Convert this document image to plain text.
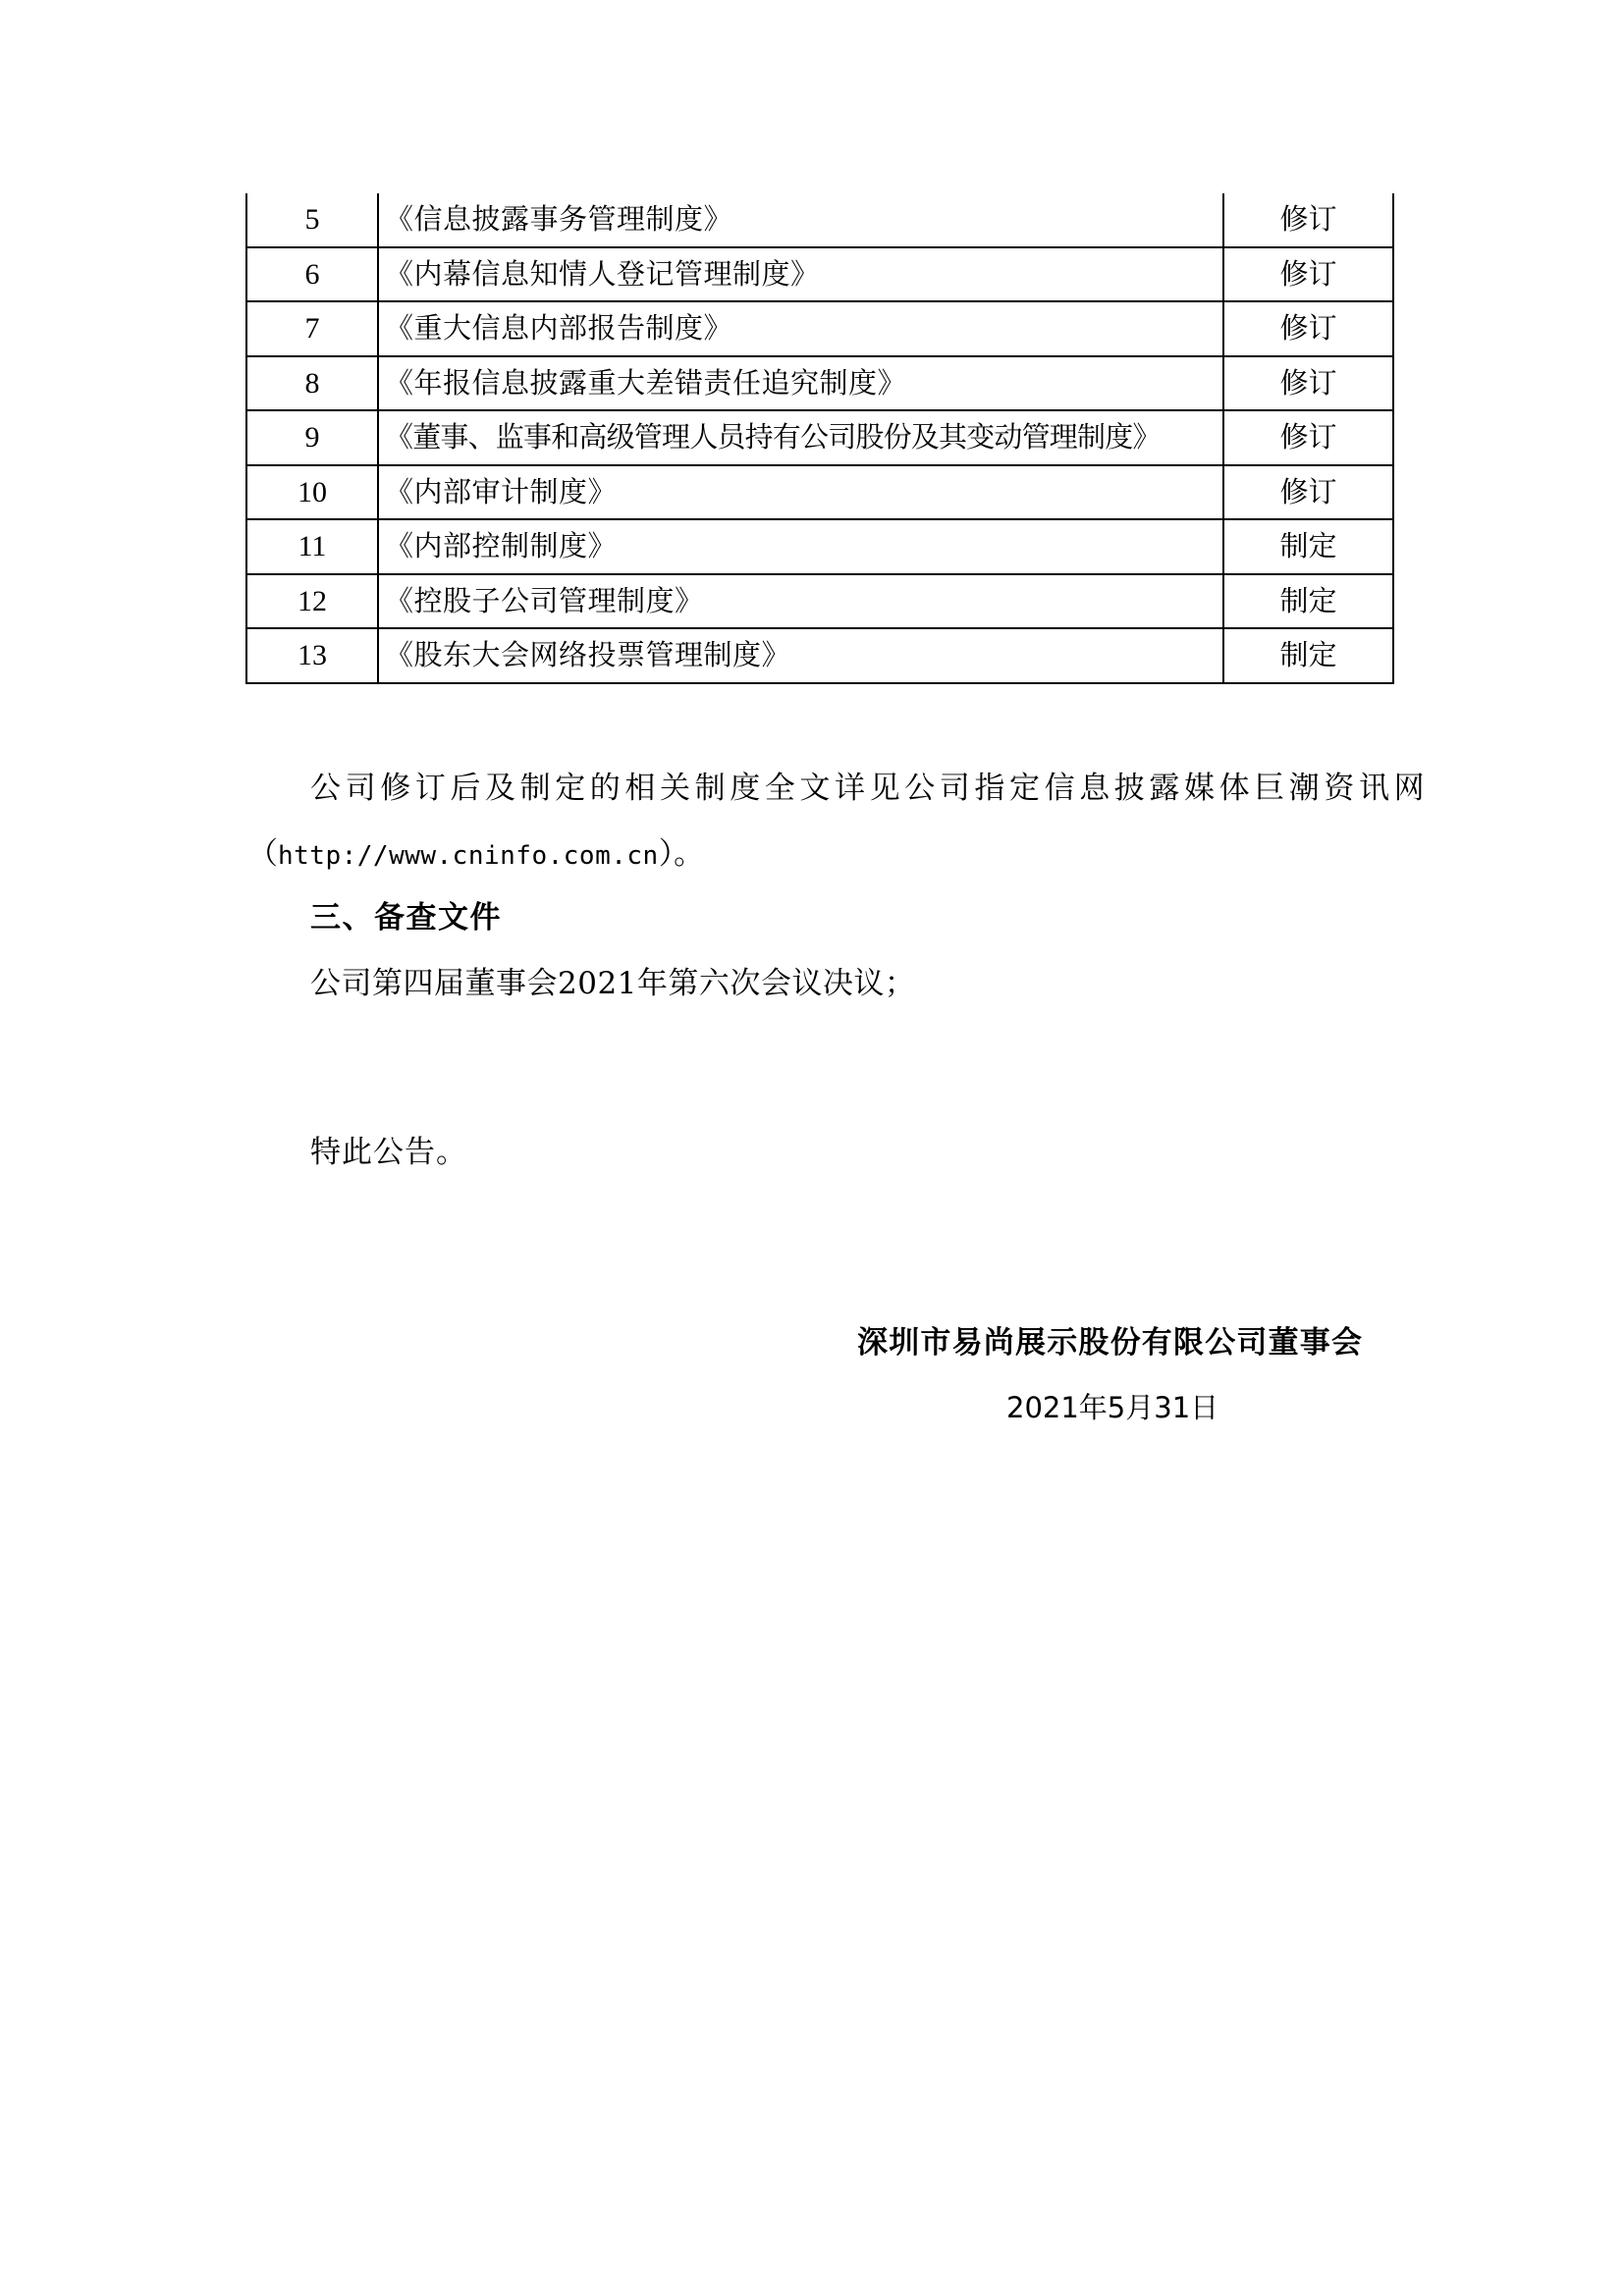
5	《信息披露事务管理制度》	修订
6	《内幕信息知情人登记管理制度》	修订
7	《重大信息内部报告制度》	修订
8	《年报信息披露重大差错责任追究制度》	修订
9	《董事、监事和高级管理人员持有公司股份及其变动管理制度》	修订
10	《内部审计制度》	修订
11	《内部控制制度》	制定
12	《控股子公司管理制度》	制定
13	《股东大会网络投票管理制度》	制定
公司修订后及制定的相关制度全文详见公司指定信息披露媒体巨潮资讯网
（http://www.cninfo.com.cn）。
三、备查文件
公司第四届董事会2021年第六次会议决议；
特此公告。
深圳市易尚展示股份有限公司董事会
2021年5月31日
